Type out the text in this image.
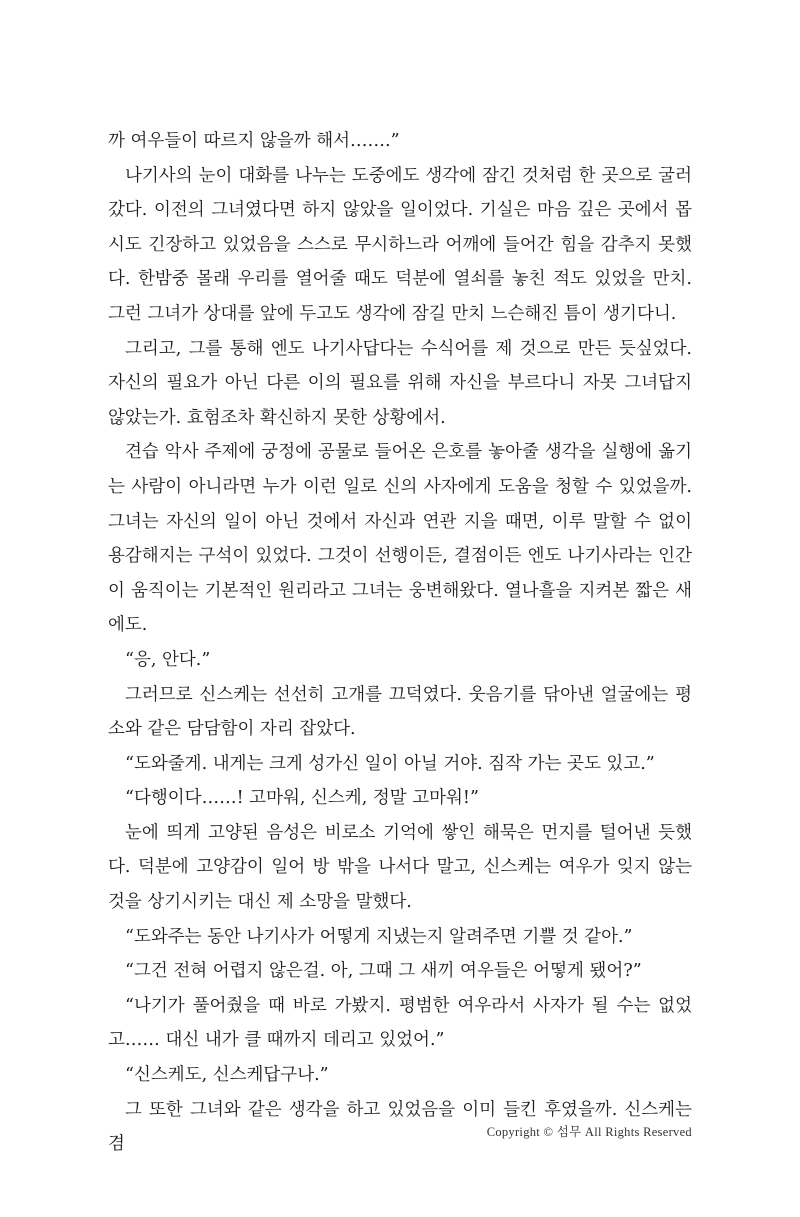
까 여우들이 따르지 않을까 해서…….”

나기사의 눈이 대화를 나누는 도중에도 생각에 잠긴 것처럼 한 곳으로 굴러갔다. 이전의 그녀였다면 하지 않았을 일이었다. 기실은 마음 깊은 곳에서 몹시도 긴장하고 있었음을 스스로 무시하느라 어깨에 들어간 힘을 감추지 못했다. 한밤중 몰래 우리를 열어줄 때도 덕분에 열쇠를 놓친 적도 있었을 만치. 그런 그녀가 상대를 앞에 두고도 생각에 잠길 만치 느슨해진 틈이 생기다니.

그리고, 그를 통해 엔도 나기사답다는 수식어를 제 것으로 만든 듯싶었다. 자신의 필요가 아닌 다른 이의 필요를 위해 자신을 부르다니 자못 그녀답지 않았는가. 효험조차 확신하지 못한 상황에서.

견습 악사 주제에 궁정에 공물로 들어온 은호를 놓아줄 생각을 실행에 옮기는 사람이 아니라면 누가 이런 일로 신의 사자에게 도움을 청할 수 있었을까. 그녀는 자신의 일이 아닌 것에서 자신과 연관 지을 때면, 이루 말할 수 없이 용감해지는 구석이 있었다. 그것이 선행이든, 결점이든 엔도 나기사라는 인간이 움직이는 기본적인 원리라고 그녀는 웅변해왔다. 열나흘을 지켜본 짧은 새에도.

“응, 안다.”

그러므로 신스케는 선선히 고개를 끄덕였다. 웃음기를 닦아낸 얼굴에는 평소와 같은 담담함이 자리 잡았다.

“도와줄게. 내게는 크게 성가신 일이 아닐 거야. 짐작 가는 곳도 있고.”

“다행이다……! 고마워, 신스케, 정말 고마워!”

눈에 띄게 고양된 음성은 비로소 기억에 쌓인 해묵은 먼지를 털어낸 듯했다. 덕분에 고양감이 일어 방 밖을 나서다 말고, 신스케는 여우가 잊지 않는 것을 상기시키는 대신 제 소망을 말했다.

“도와주는 동안 나기사가 어떻게 지냈는지 알려주면 기쁠 것 같아.”

“그건 전혀 어렵지 않은걸. 아, 그때 그 새끼 여우들은 어떻게 됐어?”

“나기가 풀어줬을 때 바로 가봤지. 평범한 여우라서 사자가 될 수는 없었고…… 대신 내가 클 때까지 데리고 있었어.”

“신스케도, 신스케답구나.”

그 또한 그녀와 같은 생각을 하고 있었음을 이미 들킨 후였을까. 신스케는 겸

Copyright © 섬무 All Rights Reserved
